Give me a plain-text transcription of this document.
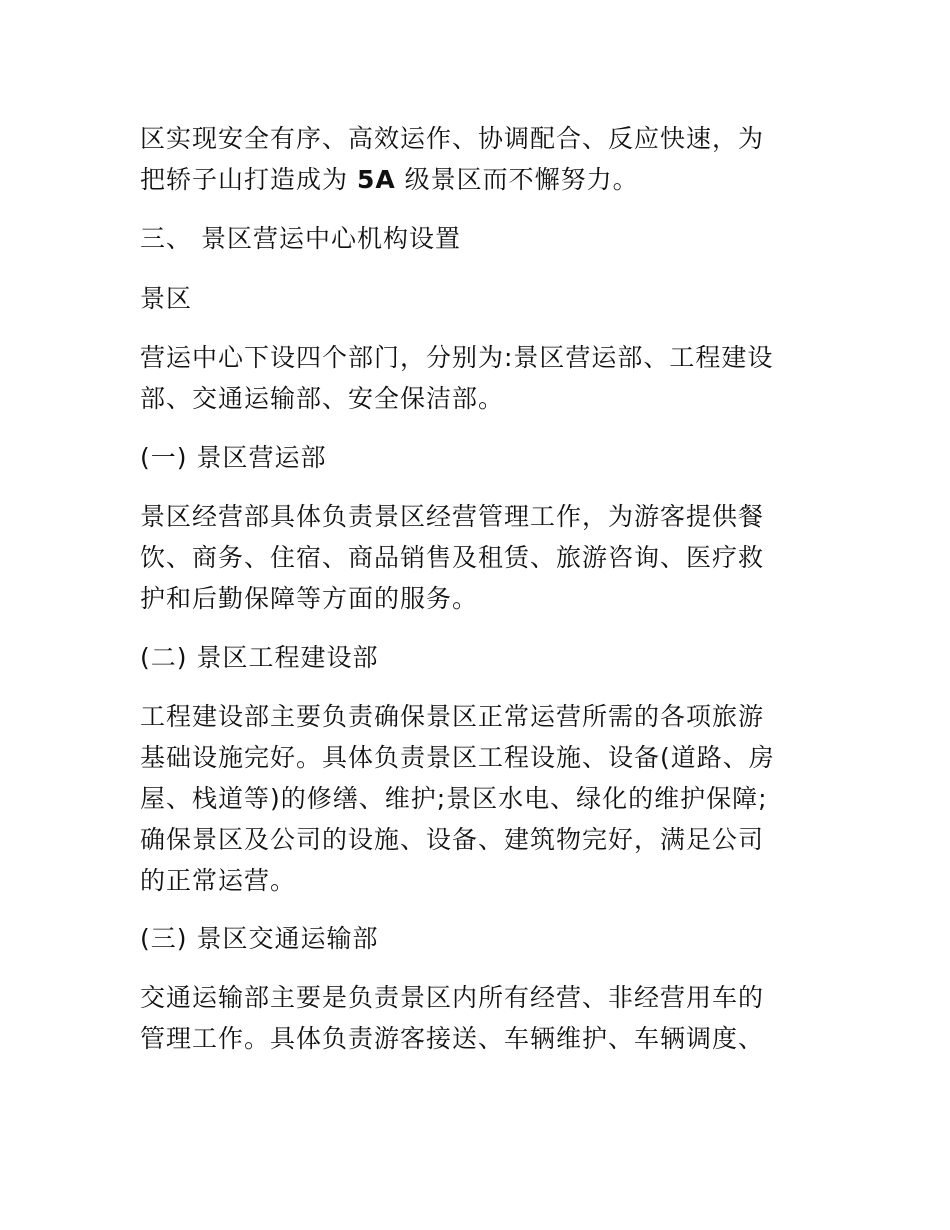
区实现安全有序、高效运作、协调配合、反应快速，为
把轿子山打造成为 5A 级景区而不懈努力。
三、 景区营运中心机构设置
景区
营运中心下设四个部门，分别为:景区营运部、工程建设
部、交通运输部、安全保洁部。
(一) 景区营运部
景区经营部具体负责景区经营管理工作，为游客提供餐
饮、商务、住宿、商品销售及租赁、旅游咨询、医疗救
护和后勤保障等方面的服务。
(二) 景区工程建设部
工程建设部主要负责确保景区正常运营所需的各项旅游
基础设施完好。具体负责景区工程设施、设备(道路、房
屋、栈道等)的修缮、维护;景区水电、绿化的维护保障;
确保景区及公司的设施、设备、建筑物完好，满足公司
的正常运营。
(三) 景区交通运输部
交通运输部主要是负责景区内所有经营、非经营用车的
管理工作。具体负责游客接送、车辆维护、车辆调度、
